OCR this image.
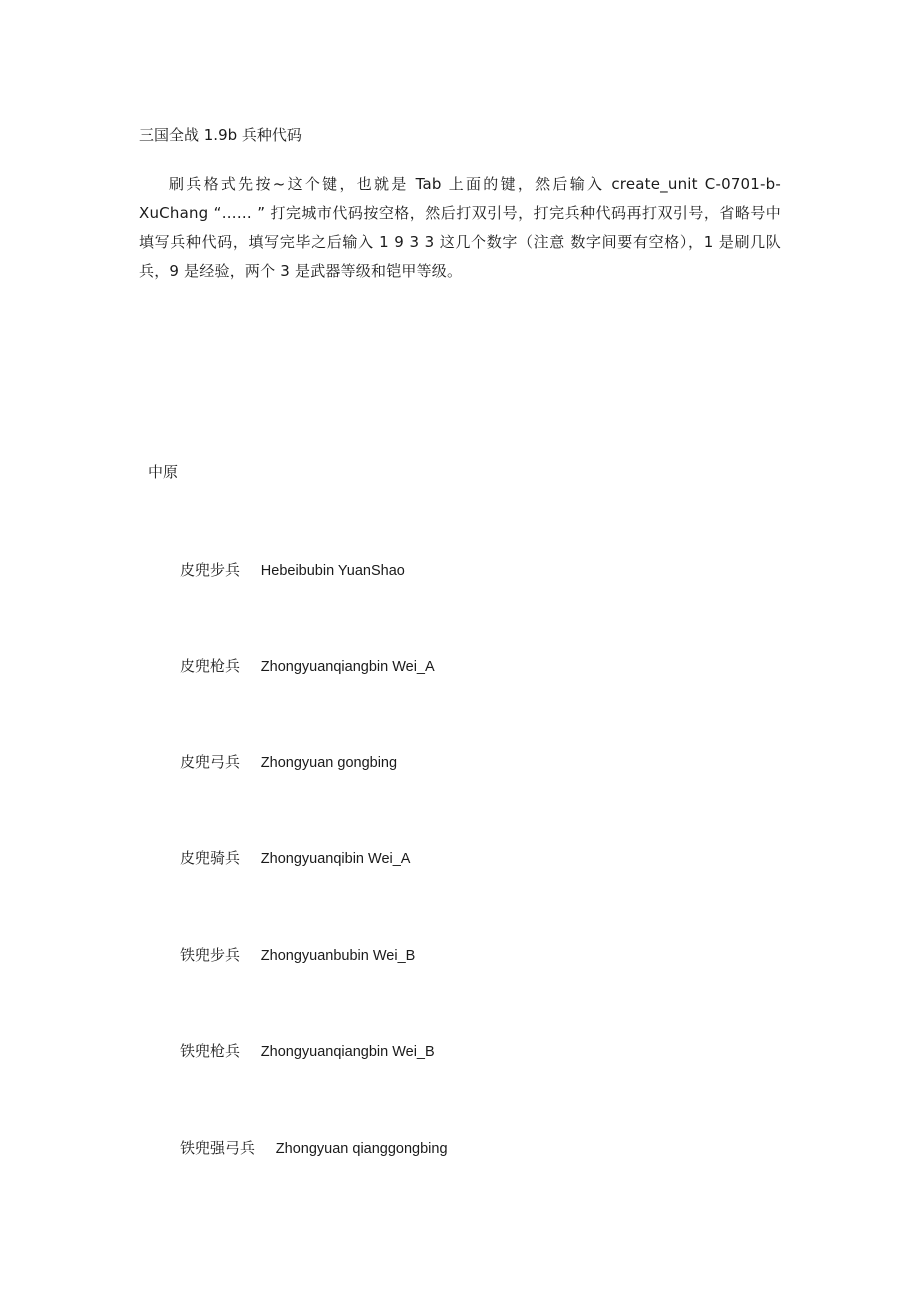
三国全战 1.9b 兵种代码
刷兵格式先按~这个键，也就是 Tab 上面的键，然后输入 create_unit C-0701-b-XuChang “…… ” 打完城市代码按空格，然后打双引号，打完兵种代码再打双引号，省略号中填写兵种代码，填写完毕之后输入 1 9 3 3 这几个数字（注意 数字间要有空格），1 是刷几队兵，9 是经验，两个 3 是武器等级和铠甲等级。
中原
皮兜步兵 Hebeibubin YuanShao
皮兜枪兵 Zhongyuanqiangbin Wei_A
皮兜弓兵 Zhongyuan gongbing
皮兜骑兵 Zhongyuanqibin Wei_A
铁兜步兵 Zhongyuanbubin Wei_B
铁兜枪兵 Zhongyuanqiangbin Wei_B
铁兜强弓兵 Zhongyuan qianggongbing
